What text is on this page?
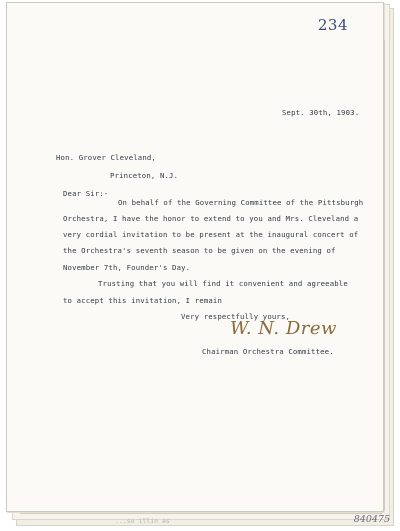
234
Sept. 30th, 1903.
Hon. Grover Cleveland,
Princeton, N.J.
Dear Sir:-
On behalf of the Governing Committee of the Pittsburgh
Orchestra, I have the honor to extend to you and Mrs. Cleveland a
very cordial invitation to be present at the inaugural concert of
the Orchestra's seventh season to be given on the evening of
November 7th, Founder's Day.
Trusting that you will find it convenient and agreeable
to accept this invitation, I remain
Very respectfully yours,
W. N. Drew
Chairman Orchestra Committee.
...so illin as	840475
